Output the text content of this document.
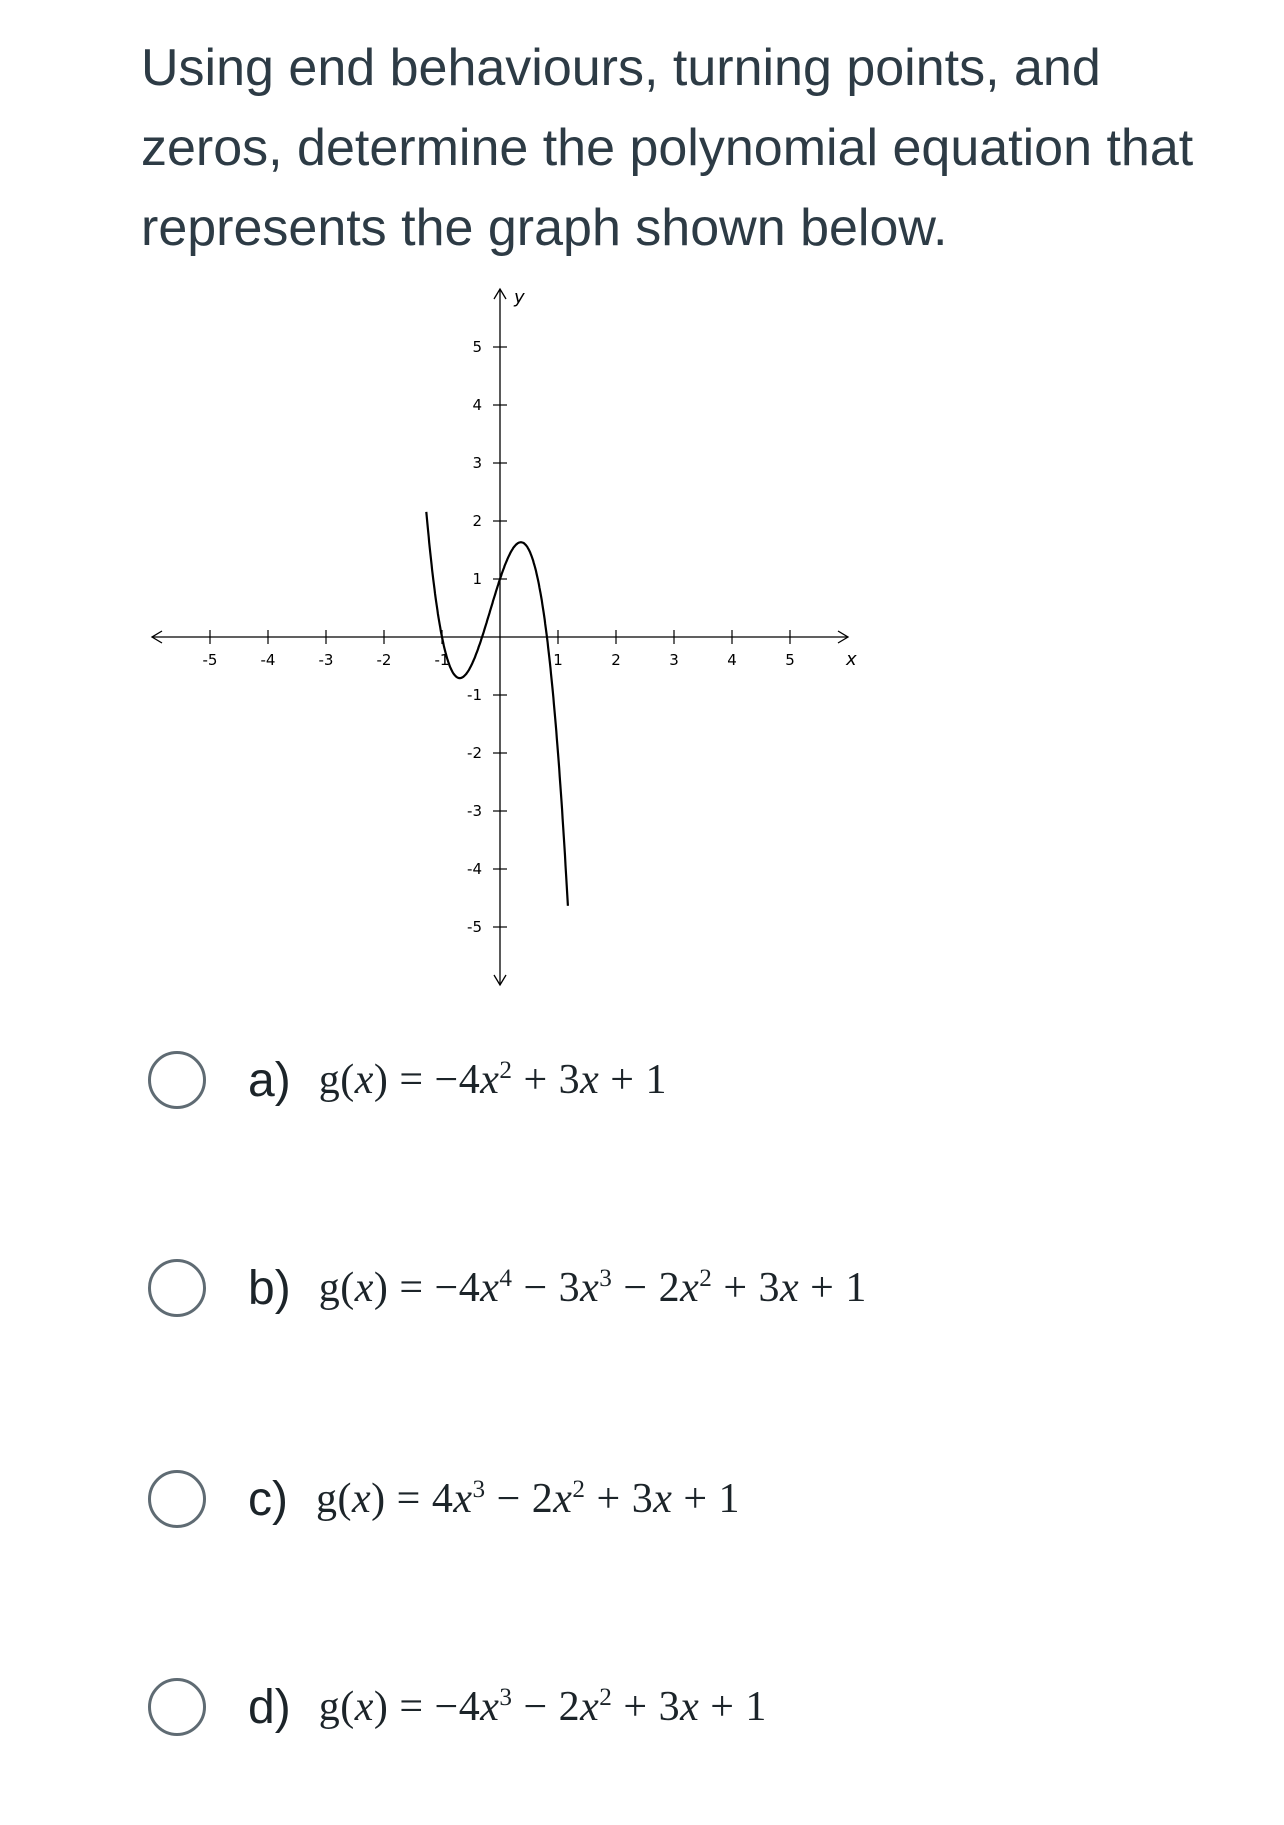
Using end behaviours, turning points, and zeros, determine the polynomial equation that represents the graph shown below.
-5	-4	-3	-2	-1	1	2	3	4	5
5
4
3
2
1
-1
-2
-3
-4
-5
x
y
a) $g(x) = -4x^2 + 3x + 1$
b) $g(x) = -4x^4 - 3x^3 - 2x^2 + 3x + 1$
c) $g(x) = 4x^3 - 2x^2 + 3x + 1$
d) $g(x) = -4x^3 - 2x^2 + 3x + 1$
